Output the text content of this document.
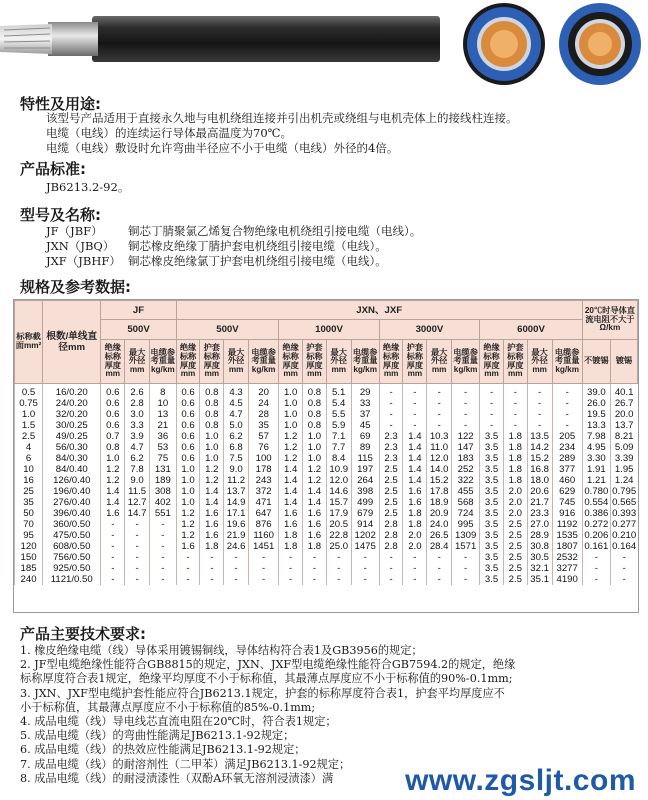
特性及用途:
该型号产品适用于直接永久地与电机绕组连接并引出机壳或绕组与电机壳体上的接线柱连接。
电缆（电线）的连续运行导体最高温度为70℃。
电缆（电线）敷设时允许弯曲半径应不小于电缆（电线）外径的4倍。
产品标准:
JB6213.2-92。
型号及名称:
JF（JBF） 铜芯丁腈聚氯乙烯复合物绝缘电机绕组引接电缆（电线）。
JXN（JBQ） 铜芯橡皮绝缘丁腈护套电机绕组引接电缆（电线）。
JXF（JBHF） 铜芯橡皮绝缘氯丁护套电机绕组引接电缆（电线）。
规格及参考数据:
标称截面mm²	根数/单线直径mm	JF			JXN、JXF																20℃时导体直流电阻不大于Ω/km	
		500V			500V				1000V				3000V				6000V					
		绝缘标称厚度mm	最大外径mm	电缆参考重量kg/km	绝缘标称厚度mm	护套标称厚度mm	最大外径mm	电缆参考重量kg/km	绝缘标称厚度mm	护套标称厚度mm	最大外径mm	电缆参考重量kg/km	绝缘标称厚度mm	护套标称厚度mm	最大外径mm	电缆参考重量kg/km	绝缘标称厚度mm	护套标称厚度mm	最大外径mm	电缆参考重量kg/km	不镀锡	镀锡
0.5	16/0.20	0.6	2.6	8	0.6	0.8	4.3	20	1.0	0.8	5.1	29	-	-	-	-	-	-	-	-	39.0	40.1
0.75	24/0.20	0.6	2.8	10	0.6	0.8	4.5	24	1.0	0.8	5.4	33	-	-	-	-	-	-	-	-	26.0	26.7
1.0	32/0.20	0.6	3.0	13	0.6	0.8	4.7	28	1.0	0.8	5.5	37	-	-	-	-	-	-	-	-	19.5	20.0
1.5	30/0.25	0.6	3.3	21	0.6	0.8	5.0	35	1.0	0.8	5.9	45	-	-	-	-	-	-	-	-	13.3	13.7
2.5	49/0.25	0.7	3.9	36	0.6	1.0	6.2	57	1.2	1.0	7.1	69	2.3	1.4	10.3	122	3.5	1.8	13.5	205	7.98	8.21
4	56/0.30	0.8	4.7	53	0.6	1.0	6.8	76	1.2	1.0	7.7	89	2.3	1.4	11.0	147	3.5	1.8	14.2	234	4.95	5.09
6	84/0.30	1.0	6.2	75	0.6	1.0	7.5	100	1.2	1.0	8.4	115	2.3	1.4	12.0	183	3.5	1.8	15.2	289	3.30	3.39
10	84/0.40	1.2	7.8	131	1.0	1.2	9.0	178	1.4	1.2	10.9	197	2.5	1.4	14.0	252	3.5	1.8	16.8	377	1.91	1.95
16	126/0.40	1.2	9.0	189	1.0	1.2	11.2	243	1.4	1.2	12.0	264	2.5	1.4	15.2	322	3.5	1.8	18.0	460	1.21	1.24
25	196/0.40	1.4	11.5	308	1.0	1.4	13.7	372	1.4	1.4	14.6	398	2.5	1.6	17.8	455	3.5	2.0	20.6	629	0.780	0.795
35	276/0.40	1.4	12.7	402	1.0	1.4	14.9	471	1.4	1.4	15.7	499	2.5	1.6	18.9	568	3.5	2.0	21.7	745	0.554	0.565
50	396/0.40	1.6	14.7	551	1.2	1.6	17.1	647	1.6	1.6	17.9	679	2.5	1.8	20.9	724	3.5	2.0	23.3	916	0.386	0.393
70	360/0.50	-	-	-	1.2	1.6	19.6	876	1.6	1.6	20.5	914	2.8	1.8	24.0	995	3.5	2.5	27.0	1192	0.272	0.277
95	475/0.50	-	-	-	1.2	1.6	21.9	1160	1.8	1.6	22.8	1202	2.8	2.0	26.5	1309	3.5	2.5	28.9	1535	0.206	0.210
120	608/0.50	-	-	-	1.6	1.8	24.6	1451	1.8	1.8	25.0	1475	2.8	2.0	28.4	1571	3.5	2.5	30.8	1807	0.161	0.164
150	756/0.50	-	-	-	-	-	-	-	-	-	-	-	-	-	-	-	3.5	2.5	30.5	2532	-	-
185	925/0.50	-	-	-	-	-	-	-	-	-	-	-	-	-	-	-	3.5	2.5	32.1	3277	-	-
240	1121/0.50	-	-	-	-	-	-	-	-	-	-	-	-	-	-	-	3.5	2.5	35.1	4190	-	-
产品主要技术要求:
1. 橡皮绝缘电缆（线）导体采用镀锡铜线，导体结构符合表1及GB3956的规定；
2. JF型电缆绝缘性能符合GB8815的规定，JXN、JXF型电缆绝缘性能符合GB7594.2的规定，绝缘
标称厚度符合表1规定，绝缘平均厚度不小于标称值，其最薄点厚度应不小于标称值的90%-0.1mm;
3. JXN、JXF型电缆护套性能应符合JB6213.1规定，护套的标称厚度符合表1，护套平均厚度应不
小于标称值，其最薄点厚度应不小于标称值的85%-0.1mm;
4. 成品电缆（线）导电线芯直流电阻在20℃时，符合表1规定；
5. 成品电缆（线）的弯曲性能满足JB6213.1-92规定；
6. 成品电缆（线）的热效应性能满足JB6213.1-92规定；
7. 成品电缆（线）的耐溶剂性（二甲苯）满足JB6213.1-92规定；
8. 成品电缆（线）的耐浸渍漆性（双酚A环氧无溶剂浸渍漆）满	www.zgsljt.com
